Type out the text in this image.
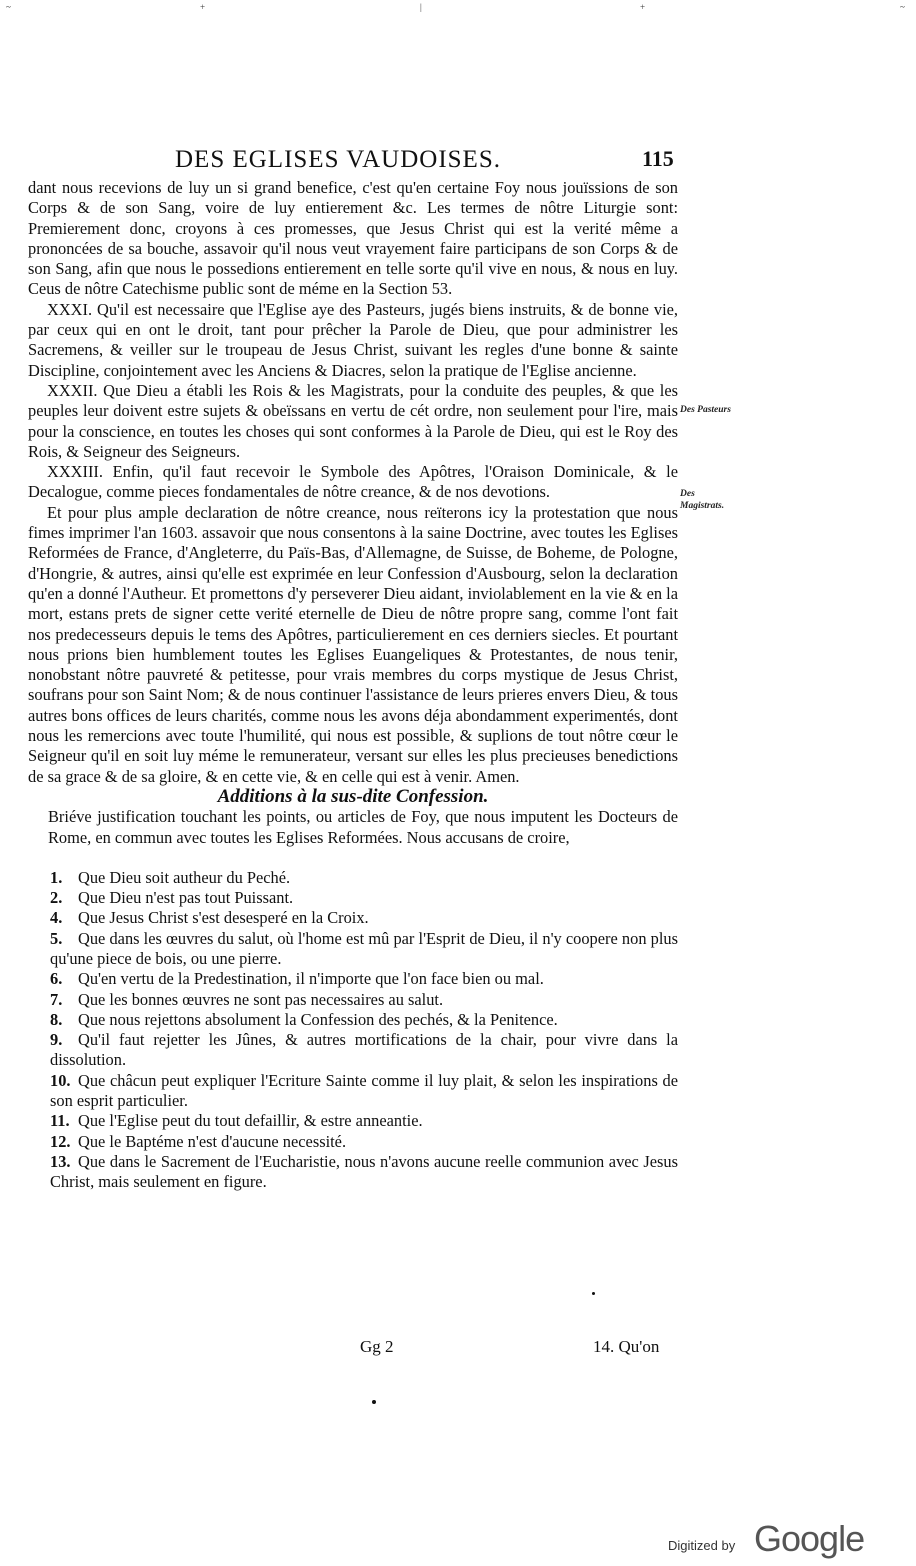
~	+	|	+	~
DES EGLISES VAUDOISES.	115

dant nous recevions de luy un si grand benefice, c'est qu'en certaine Foy nous jouïssions de son Corps & de son Sang, voire de luy entierement &c. Les termes de nôtre Liturgie sont: Premierement donc, croyons à ces promesses, que Jesus Christ qui est la verité même a prononcées de sa bouche, assavoir qu'il nous veut vrayement faire participans de son Corps & de son Sang, afin que nous le possedions entierement en telle sorte qu'il vive en nous, & nous en luy. Ceus de nôtre Catechisme public sont de méme en la Section 53.

XXXI. Qu'il est necessaire que l'Eglise aye des Pasteurs, jugés biens instruits, & de bonne vie, par ceux qui en ont le droit, tant pour prêcher la Parole de Dieu, que pour administrer les Sacremens, & veiller sur le troupeau de Jesus Christ, suivant les regles d'une bonne & sainte Discipline, conjointement avec les Anciens & Diacres, selon la pratique de l'Eglise ancienne.

XXXII. Que Dieu a établi les Rois & les Magistrats, pour la conduite des peuples, & que les peuples leur doivent estre sujets & obeïssans en vertu de cét ordre, non seulement pour l'ire, mais pour la conscience, en toutes les choses qui sont conformes à la Parole de Dieu, qui est le Roy des Rois, & Seigneur des Seigneurs.

XXXIII. Enfin, qu'il faut recevoir le Symbole des Apôtres, l'Oraison Dominicale, & le Decalogue, comme pieces fondamentales de nôtre creance, & de nos devotions.

Et pour plus ample declaration de nôtre creance, nous reïterons icy la protestation que nous fimes imprimer l'an 1603. assavoir que nous consentons à la saine Doctrine, avec toutes les Eglises Reformées de France, d'Angleterre, du Païs-Bas, d'Allemagne, de Suisse, de Boheme, de Pologne, d'Hongrie, & autres, ainsi qu'elle est exprimée en leur Confession d'Ausbourg, selon la declaration qu'en a donné l'Autheur. Et promettons d'y perseverer Dieu aidant, inviolablement en la vie & en la mort, estans prets de signer cette verité eternelle de Dieu de nôtre propre sang, comme l'ont fait nos predecesseurs depuis le tems des Apôtres, particulierement en ces derniers siecles. Et pourtant nous prions bien humblement toutes les Eglises Euangeliques & Protestantes, de nous tenir, nonobstant nôtre pauvreté & petitesse, pour vrais membres du corps mystique de Jesus Christ, soufrans pour son Saint Nom; & de nous continuer l'assistance de leurs prieres envers Dieu, & tous autres bons offices de leurs charités, comme nous les avons déja abondamment experimentés, dont nous les remercions avec toute l'humilité, qui nous est possible, & suplions de tout nôtre cœur le Seigneur qu'il en soit luy méme le remunerateur, versant sur elles les plus precieuses benedictions de sa grace & de sa gloire, & en cette vie, & en celle qui est à venir. Amen.

Additions à la sus-dite Confession.

Briéve justification touchant les points, ou articles de Foy, que nous imputent les Docteurs de Rome, en commun avec toutes les Eglises Reformées. Nous accusans de croire,

1. Que Dieu soit autheur du Peché.
2. Que Dieu n'est pas tout Puissant.
4. Que Jesus Christ s'est desesperé en la Croix.
5. Que dans les œuvres du salut, où l'home est mû par l'Esprit de Dieu, il n'y coopere non plus qu'une piece de bois, ou une pierre.
6. Qu'en vertu de la Predestination, il n'importe que l'on face bien ou mal.
7. Que les bonnes œuvres ne sont pas necessaires au salut.
8. Que nous rejettons absolument la Confession des pechés, & la Penitence.
9. Qu'il faut rejetter les Jûnes, & autres mortifications de la chair, pour vivre dans la dissolution.
10. Que châcun peut expliquer l'Ecriture Sainte comme il luy plait, & selon les inspirations de son esprit particulier.
11. Que l'Eglise peut du tout defaillir, & estre anneantie.
12. Que le Baptéme n'est d'aucune necessité.
13. Que dans le Sacrement de l'Eucharistie, nous n'avons aucune reelle communion avec Jesus Christ, mais seulement en figure.
Des Pasteurs
Des Magistrats.
Gg 2	14. Qu'on
Digitized by Google
